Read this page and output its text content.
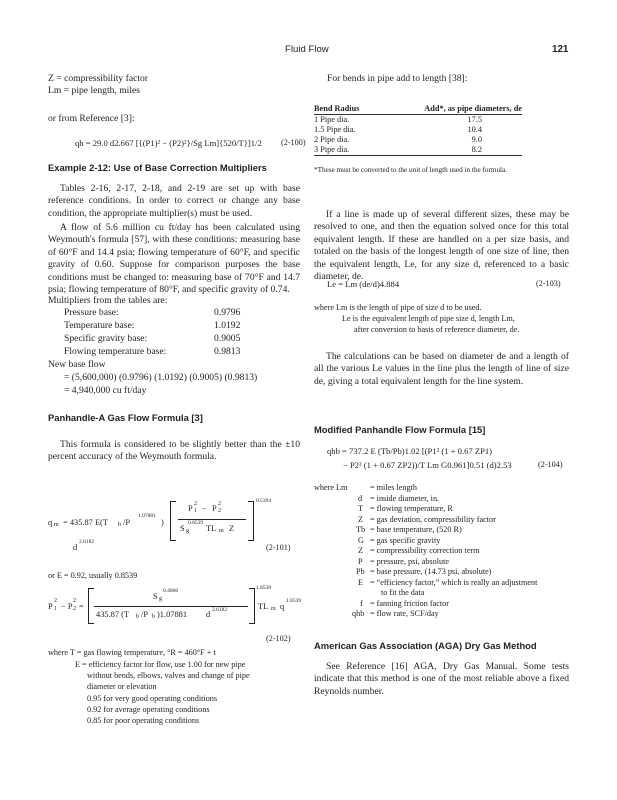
Fluid Flow	121
Z = compressibility factor
Lm = pipe length, miles
or from Reference [3]:
qh = 29.0 d2.667 [{(P1)² − (P2)²}/Sg Lm]{520/T}]1/2 (2-100)
Example 2-12: Use of Base Correction Multipliers
Tables 2-16, 2-17, 2-18, and 2-19 are set up with base reference conditions. In order to correct or change any base condition, the appropriate multiplier(s) must be used.
A flow of 5.6 million cu ft/day has been calculated using Weymouth's formula [57], with these conditions: measuring base of 60°F and 14.4 psia; flowing temperature of 60°F, and specific gravity of 0.60. Suppose for comparison purposes the base conditions must be changed to: measuring base of 70°F and 14.7 psia; flowing temperature of 80°F, and specific gravity of 0.74.
Multipliers from the tables are:
Pressure base:	0.9796
Temperature base:	1.0192
Specific gravity base:	0.9005
Flowing temperature base:	0.9813
New base flow
= (5,600,000) (0.9796) (1.0192) (0.9005) (0.9813)
= 4,940,000 cu ft/day
Panhandle-A Gas Flow Formula [3]
This formula is considered to be slightly better than the ±10 percent accuracy of the Weymouth formula.
q m = 435.87 E(T b /P
1.07881
)
P 1
2 − P 2
2
S g
0.8539
TL m Z
0.5394
d
2.6182
(2-101)
or E = 0.92, usually 0.8539
P 1
2
− P 2
2
=
S g
0.4606
435.87 (T b /P b )1.07881 d 2.6182
1.8539
TL m q
1.8539
(2-102)
where T = gas flowing temperature, °R = 460°F + t
E = efficiency factor for flow, use 1.00 for new pipe
without bends, elbows, valves and change of pipe
diameter or elevation
0.95 for very good operating conditions
0.92 for average operating conditions
0.85 for poor operating conditions
For bends in pipe add to length [38]:
Bend Radius	Add*, as pipe diameters, de
1 Pipe dia.	17.5
1.5 Pipe dia.	10.4
2 Pipe dia.	9.0
3 Pipe dia.	8.2
*These must be converted to the unit of length used in the formula.
If a line is made up of several different sizes, these may be resolved to one, and then the equation solved once for this total equivalent length. If these are handled on a per size basis, and totaled on the basis of the longest length of one size of line, then the equivalent length, Le, for any size d, referenced to a basic diameter, de.
Le = Lm (de/d)4.884	(2-103)
where Lm is the length of pipe of size d to be used.
Le is the equivalent length of pipe size d, length Lm,
after conversion to basis of reference diameter, de.
The calculations can be based on diameter de and a length of all the various Le values in the line plus the length of line of size de, giving a total equivalent length for the line system.
Modified Panhandle Flow Formula [15]
qhb = 737.2 E (Tb/Pb)1.02 [(P1² (1 + 0.67 ZP1)
− P2² (1 + 0.67 ZP2))/T Lm G0.961]0.51 (d)2.53	(2-104)
where Lm	= miles length
d = inside diameter, in.
T = flowing temperature, R
Z = gas deviation, compressibility factor
Tb = base temperature, (520 R)
G = gas specific gravity
Z = compressibility correction term
P = pressure, psi, absolute
Pb = base pressure, (14.73 psi, absolute)
E = “efficiency factor,” which is really an adjustment
to fit the data
f = fanning friction factor
qhb = flow rate, SCF/day
American Gas Association (AGA) Dry Gas Method
See Reference [16] AGA, Dry Gas Manual. Some tests indicate that this method is one of the most reliable above a fixed Reynolds number.
